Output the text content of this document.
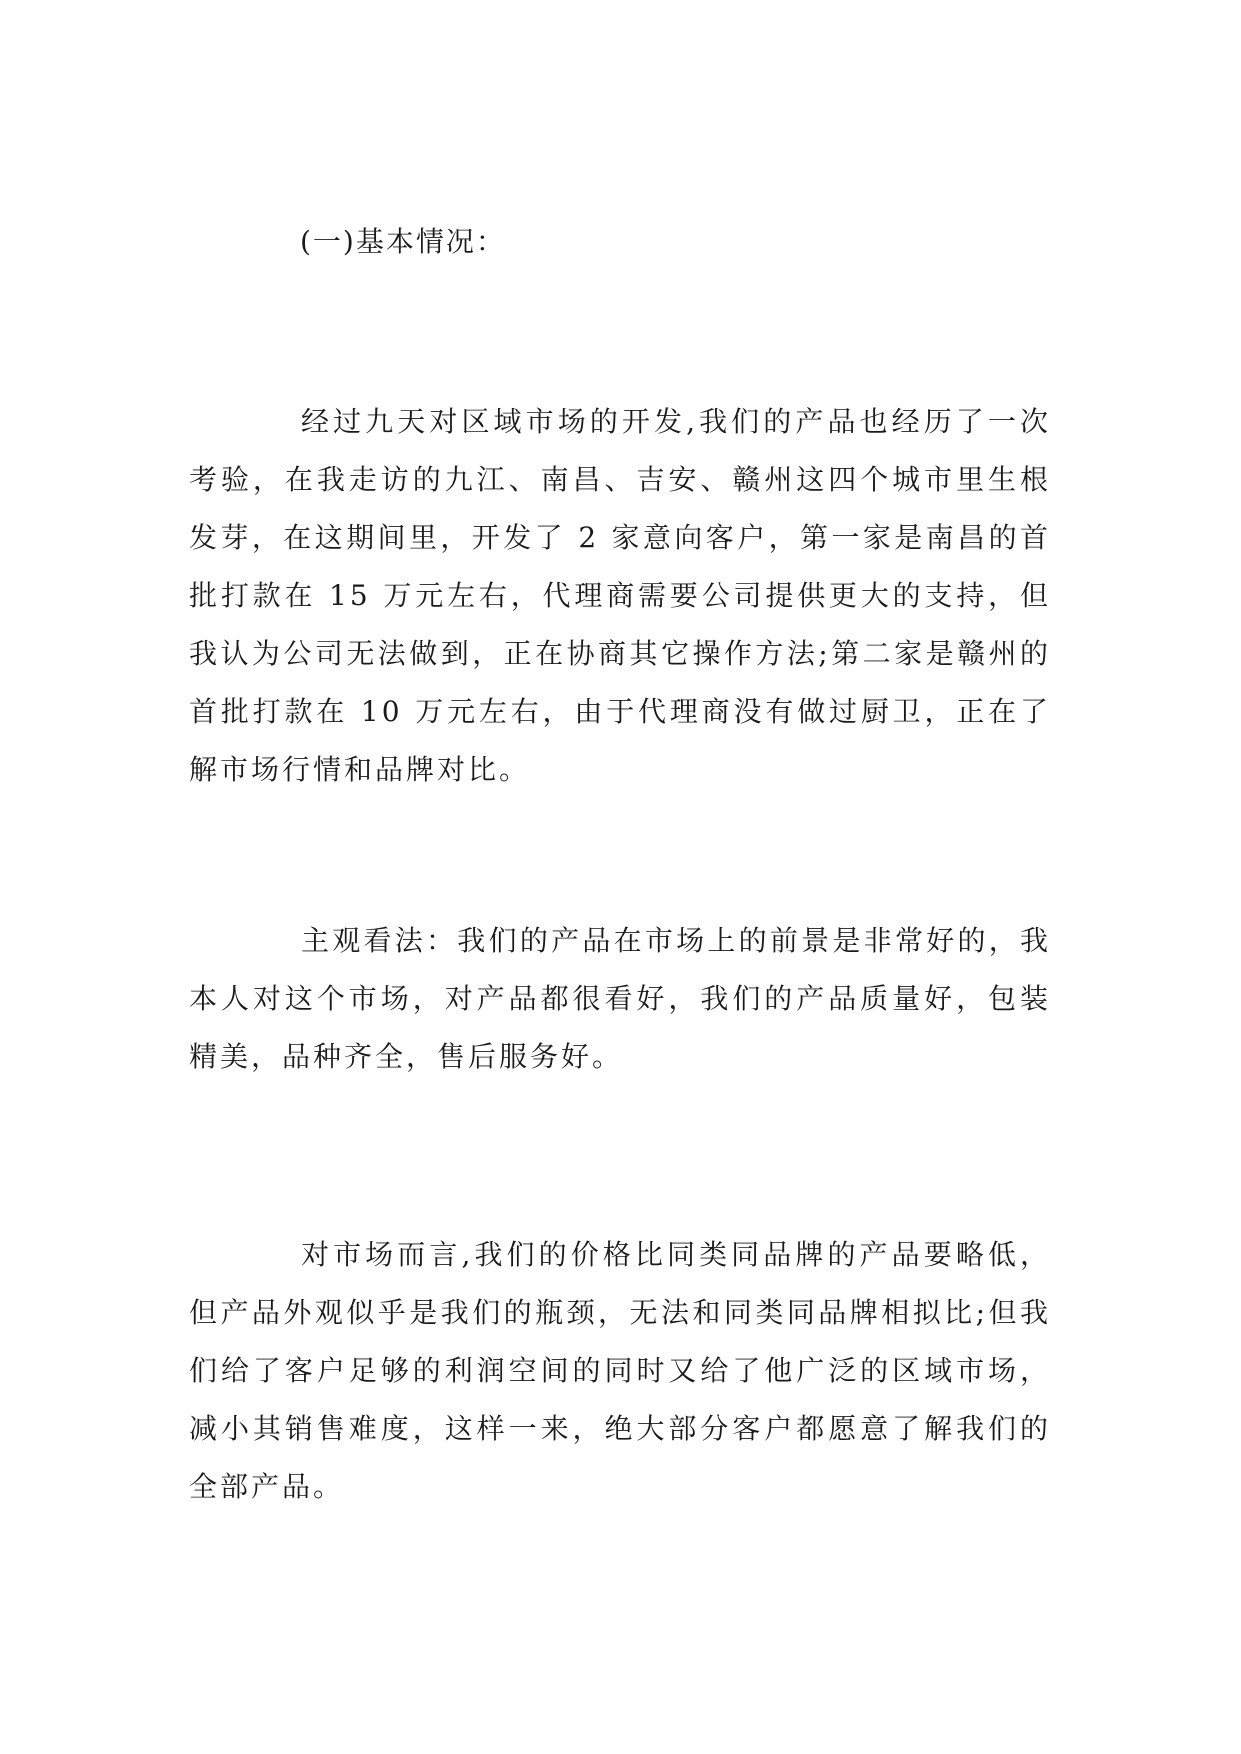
(一)基本情况：

经过九天对区域市场的开发,我们的产品也经历了一次考验，在我走访的九江、南昌、吉安、赣州这四个城市里生根发芽，在这期间里，开发了 2 家意向客户，第一家是南昌的首批打款在 15 万元左右，代理商需要公司提供更大的支持，但我认为公司无法做到，正在协商其它操作方法;第二家是赣州的首批打款在 10 万元左右，由于代理商没有做过厨卫，正在了解市场行情和品牌对比。

主观看法：我们的产品在市场上的前景是非常好的，我本人对这个市场，对产品都很看好，我们的产品质量好，包装精美，品种齐全，售后服务好。

对市场而言,我们的价格比同类同品牌的产品要略低，但产品外观似乎是我们的瓶颈，无法和同类同品牌相拟比;但我们给了客户足够的利润空间的同时又给了他广泛的区域市场，减小其销售难度，这样一来，绝大部分客户都愿意了解我们的全部产品。
